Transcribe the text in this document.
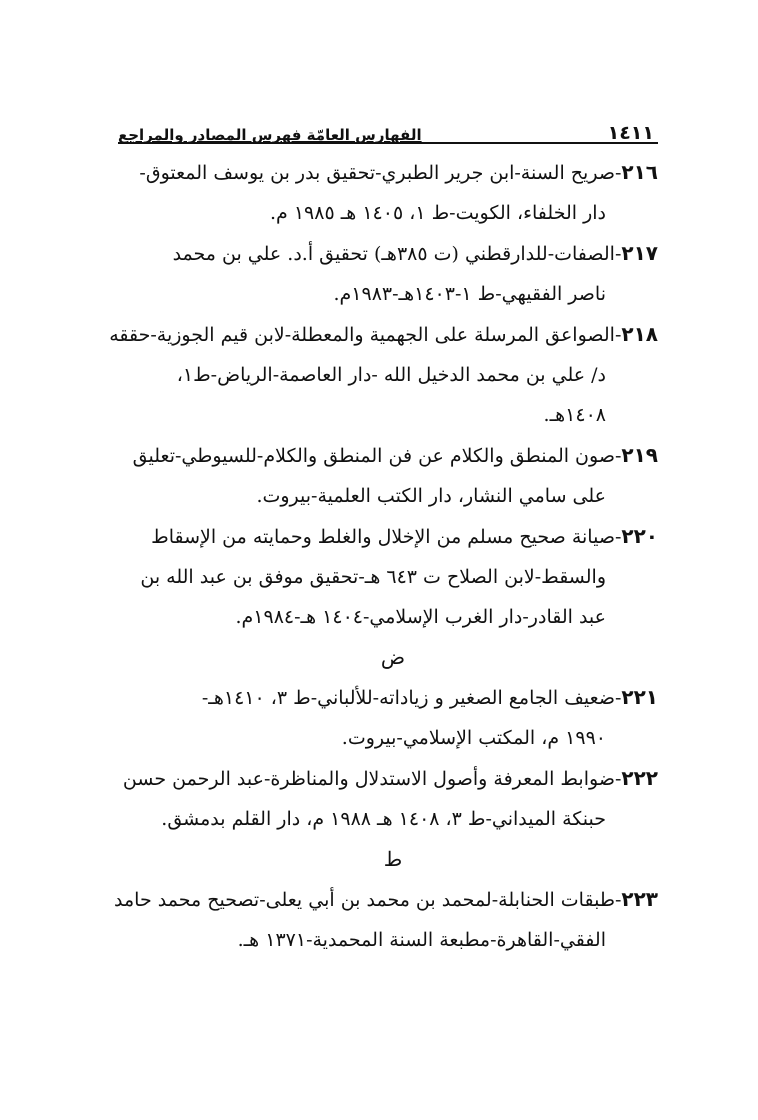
١٤١١
الفهارس العامّة فهرس المصادر والمراجع
٢١٦-صريح السنة-ابن جرير الطبري-تحقيق بدر بن يوسف المعتوق-
دار الخلفاء، الكويت-ط ١، ١٤٠٥ هـ ١٩٨٥ م.
٢١٧-الصفات-للدارقطني (ت ٣٨٥هـ) تحقيق أ.د. علي بن محمد
ناصر الفقيهي-ط ١-١٤٠٣هـ-١٩٨٣م.
٢١٨-الصواعق المرسلة على الجهمية والمعطلة-لابن قيم الجوزية-حققه
د/ علي بن محمد الدخيل الله -دار العاصمة-الرياض-ط١،
١٤٠٨هـ.
٢١٩-صون المنطق والكلام عن فن المنطق والكلام-للسيوطي-تعليق
على سامي النشار، دار الكتب العلمية-بيروت.
٢٢٠-صيانة صحيح مسلم من الإخلال والغلط وحمايته من الإسقاط
والسقط-لابن الصلاح ت ٦٤٣ هـ-تحقيق موفق بن عبد الله بن
عبد القادر-دار الغرب الإسلامي-١٤٠٤ هـ-١٩٨٤م.
ض
٢٢١-ضعيف الجامع الصغير و زياداته-للألباني-ط ٣، ١٤١٠هـ-
١٩٩٠ م، المكتب الإسلامي-بيروت.
٢٢٢-ضوابط المعرفة وأصول الاستدلال والمناظرة-عبد الرحمن حسن
حبنكة الميداني-ط ٣، ١٤٠٨ هـ ١٩٨٨ م، دار القلم بدمشق.
ط
٢٢٣-طبقات الحنابلة-لمحمد بن محمد بن أبي يعلى-تصحيح محمد حامد
الفقي-القاهرة-مطبعة السنة المحمدية-١٣٧١ هـ.
